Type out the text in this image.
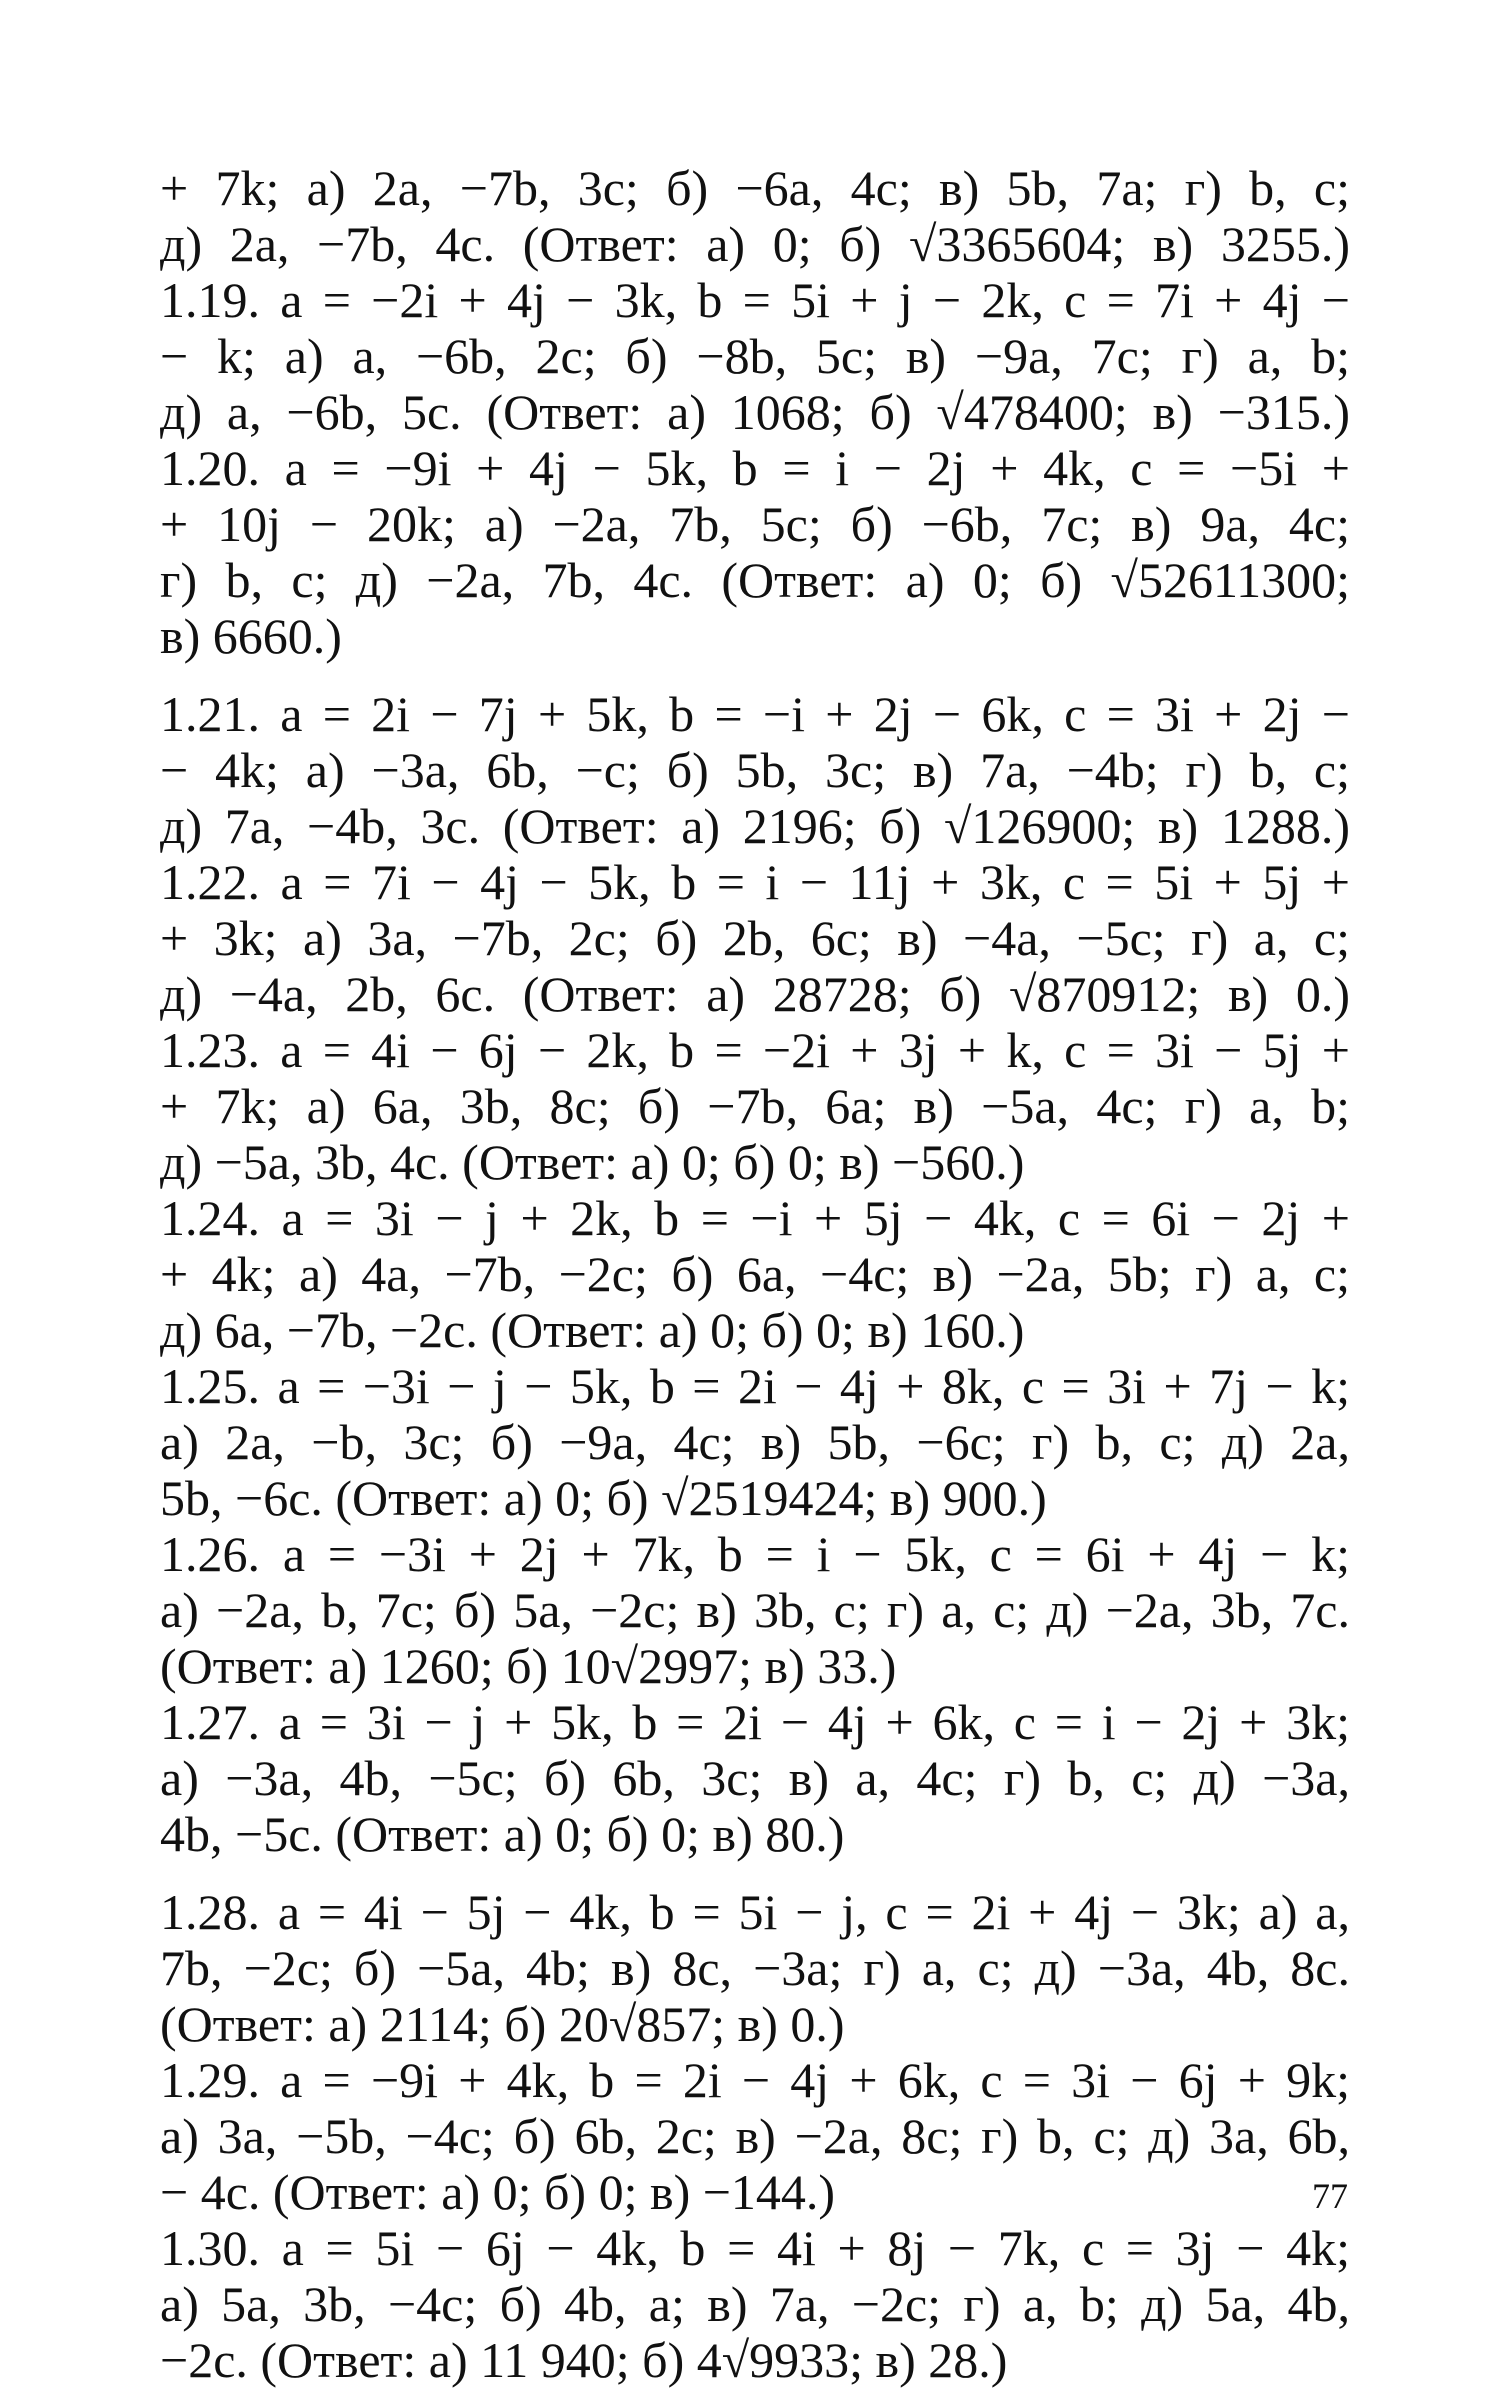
+ 7k; а) 2a, −7b, 3c; б) −6a, 4c; в) 5b, 7a; г) b, c;
д) 2a, −7b, 4c. (Ответ: а) 0; б) √3365604; в) 3255.)
1.19. a = −2i + 4j − 3k, b = 5i + j − 2k, c = 7i + 4j −
− k; а) a, −6b, 2c; б) −8b, 5c; в) −9a, 7c; г) a, b;
д) a, −6b, 5c. (Ответ: а) 1068; б) √478400; в) −315.)
1.20. a = −9i + 4j − 5k, b = i − 2j + 4k, c = −5i +
+ 10j − 20k; а) −2a, 7b, 5c; б) −6b, 7c; в) 9a, 4c;
г) b, c; д) −2a, 7b, 4c. (Ответ: а) 0; б) √52611300;
в) 6660.)
1.21. a = 2i − 7j + 5k, b = −i + 2j − 6k, c = 3i + 2j −
− 4k; а) −3a, 6b, −c; б) 5b, 3c; в) 7a, −4b; г) b, c;
д) 7a, −4b, 3c. (Ответ: а) 2196; б) √126900; в) 1288.)
1.22. a = 7i − 4j − 5k, b = i − 11j + 3k, c = 5i + 5j +
+ 3k; а) 3a, −7b, 2c; б) 2b, 6c; в) −4a, −5c; г) a, c;
д) −4a, 2b, 6c. (Ответ: а) 28728; б) √870912; в) 0.)
1.23. a = 4i − 6j − 2k, b = −2i + 3j + k, c = 3i − 5j +
+ 7k; а) 6a, 3b, 8c; б) −7b, 6a; в) −5a, 4c; г) a, b;
д) −5a, 3b, 4c. (Ответ: а) 0; б) 0; в) −560.)
1.24. a = 3i − j + 2k, b = −i + 5j − 4k, c = 6i − 2j +
+ 4k; а) 4a, −7b, −2c; б) 6a, −4c; в) −2a, 5b; г) a, c;
д) 6a, −7b, −2c. (Ответ: а) 0; б) 0; в) 160.)
1.25. a = −3i − j − 5k, b = 2i − 4j + 8k, c = 3i + 7j − k;
а) 2a, −b, 3c; б) −9a, 4c; в) 5b, −6c; г) b, c; д) 2a,
5b, −6c. (Ответ: а) 0; б) √2519424; в) 900.)
1.26. a = −3i + 2j + 7k, b = i − 5k, c = 6i + 4j − k;
а) −2a, b, 7c; б) 5a, −2c; в) 3b, c; г) a, c; д) −2a, 3b, 7c.
(Ответ: а) 1260; б) 10√2997; в) 33.)
1.27. a = 3i − j + 5k, b = 2i − 4j + 6k, c = i − 2j + 3k;
а) −3a, 4b, −5c; б) 6b, 3c; в) a, 4c; г) b, c; д) −3a,
4b, −5c. (Ответ: а) 0; б) 0; в) 80.)
1.28. a = 4i − 5j − 4k, b = 5i − j, c = 2i + 4j − 3k; а) a,
7b, −2c; б) −5a, 4b; в) 8c, −3a; г) a, c; д) −3a, 4b, 8c.
(Ответ: а) 2114; б) 20√857; в) 0.)
1.29. a = −9i + 4k, b = 2i − 4j + 6k, c = 3i − 6j + 9k;
а) 3a, −5b, −4c; б) 6b, 2c; в) −2a, 8c; г) b, c; д) 3a, 6b,
− 4c. (Ответ: а) 0; б) 0; в) −144.)
1.30. a = 5i − 6j − 4k, b = 4i + 8j − 7k, c = 3j − 4k;
а) 5a, 3b, −4c; б) 4b, a; в) 7a, −2c; г) a, b; д) 5a, 4b,
−2c. (Ответ: а) 11 940; б) 4√9933; в) 28.)
77
